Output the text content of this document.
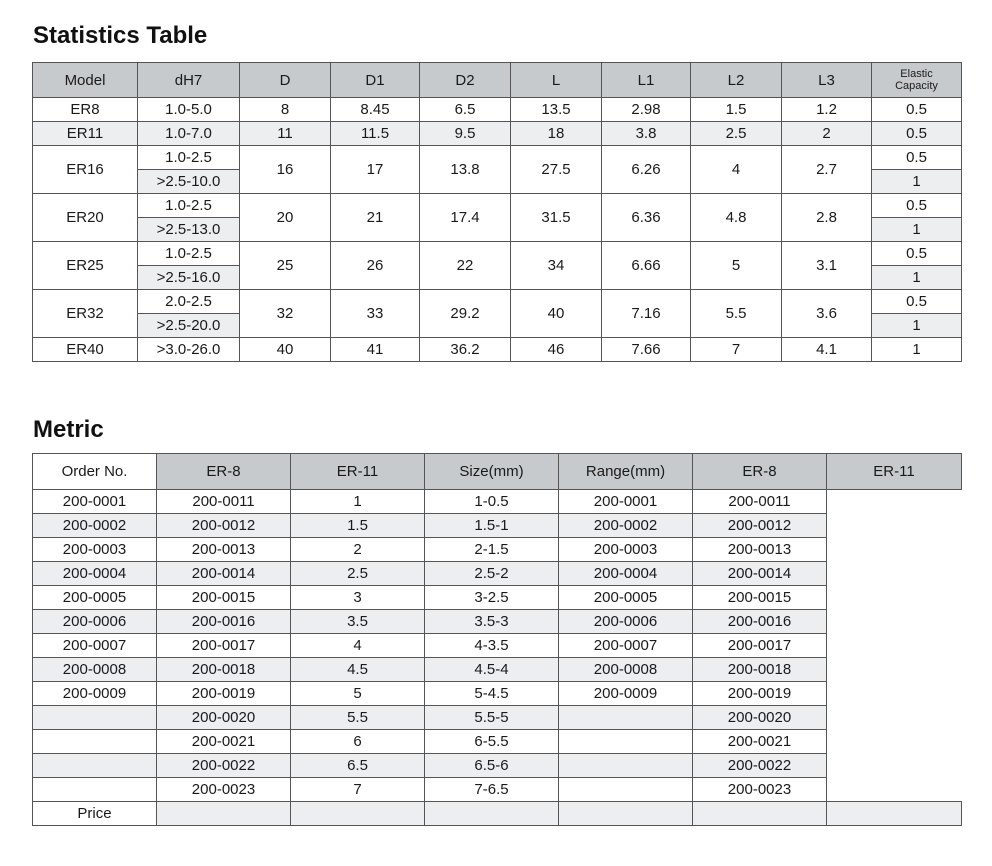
Statistics Table
Model	dH7	D	D1	D2	L	L1	L2	L3	Elastic
Capacity
ER8	1.0-5.0	8	8.45	6.5	13.5	2.98	1.5	1.2	0.5
ER11	1.0-7.0	11	11.5	9.5	18	3.8	2.5	2	0.5
ER16	1.0-2.5	16	17	13.8	27.5	6.26	4	2.7	0.5
	>2.5-10.0								1
ER20	1.0-2.5	20	21	17.4	31.5	6.36	4.8	2.8	0.5
	>2.5-13.0								1
ER25	1.0-2.5	25	26	22	34	6.66	5	3.1	0.5
	>2.5-16.0								1
ER32	2.0-2.5	32	33	29.2	40	7.16	5.5	3.6	0.5
	>2.5-20.0								1
ER40	>3.0-26.0	40	41	36.2	46	7.66	7	4.1	1
Metric
Order No.	ER-8	ER-11	Size(mm)	Range(mm)	ER-8	ER-11
200-0001	200-0011	1	1-0.5	200-0001	200-0011	
200-0002	200-0012	1.5	1.5-1	200-0002	200-0012	
200-0003	200-0013	2	2-1.5	200-0003	200-0013	
200-0004	200-0014	2.5	2.5-2	200-0004	200-0014	
200-0005	200-0015	3	3-2.5	200-0005	200-0015	
200-0006	200-0016	3.5	3.5-3	200-0006	200-0016	
200-0007	200-0017	4	4-3.5	200-0007	200-0017	
200-0008	200-0018	4.5	4.5-4	200-0008	200-0018	
200-0009	200-0019	5	5-4.5	200-0009	200-0019	
	200-0020	5.5	5.5-5		200-0020	
	200-0021	6	6-5.5		200-0021	
	200-0022	6.5	6.5-6		200-0022	
	200-0023	7	7-6.5		200-0023	
Price						
